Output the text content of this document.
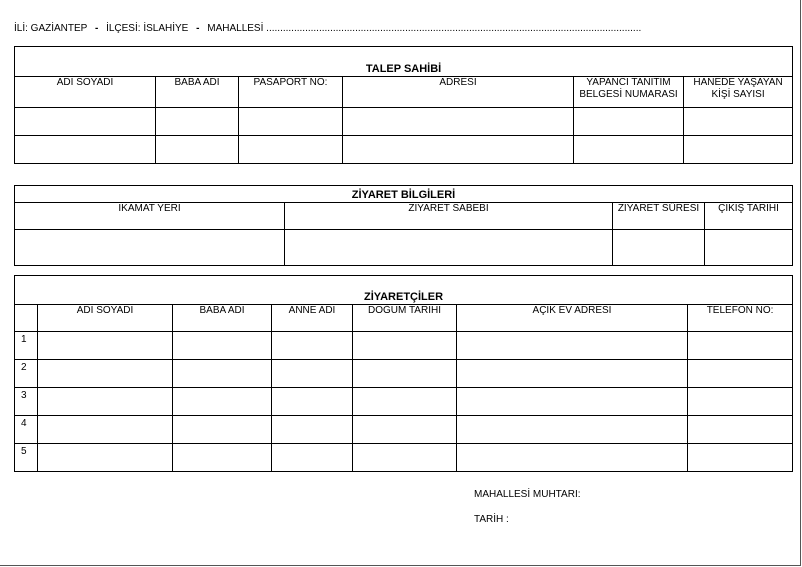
İLİ: GAZİANTEP - İLÇESİ: İSLAHİYE - MAHALLESİ .......................................................................................................................................
TALEP SAHİBİ					
ADI SOYADI	BABA ADI	PASAPORT NO:	ADRESİ	YAPANCI TANITIM BELGESİ NUMARASI	HANEDE YAŞAYAN KİŞİ SAYISI

ZİYARET BİLGİLERİ			
İKAMAT YERİ	ZİYARET SABEBİ	ZİYARET SÜRESİ	ÇIKIŞ TARİHİ

ZİYARETÇİLER						
	ADI SOYADI	BABA ADI	ANNE ADI	DOĞUM TARİHİ	AÇIK EV ADRESİ	TELEFON NO:
1						
2						
3						
4						
5						
MAHALLESİ MUHTARI:
TARİH :
